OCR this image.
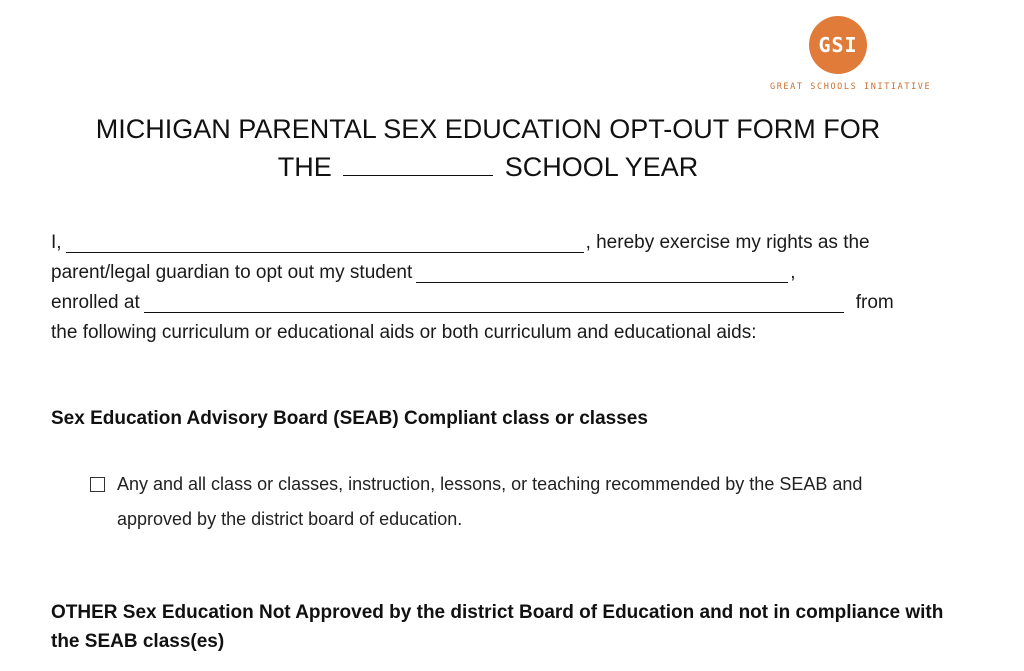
GSI
GREAT SCHOOLS INITIATIVE
MICHIGAN PARENTAL SEX EDUCATION OPT-OUT FORM FOR
THE	SCHOOL YEAR
I,	, hereby exercise my rights as the
parent/legal guardian to opt out my student	,
enrolled at	from
the following curriculum or educational aids or both curriculum and educational aids:
Sex Education Advisory Board (SEAB) Compliant class or classes
Any and all class or classes, instruction, lessons, or teaching recommended by the SEAB and approved by the district board of education.
OTHER Sex Education Not Approved by the district Board of Education and not in compliance with the SEAB class(es)
